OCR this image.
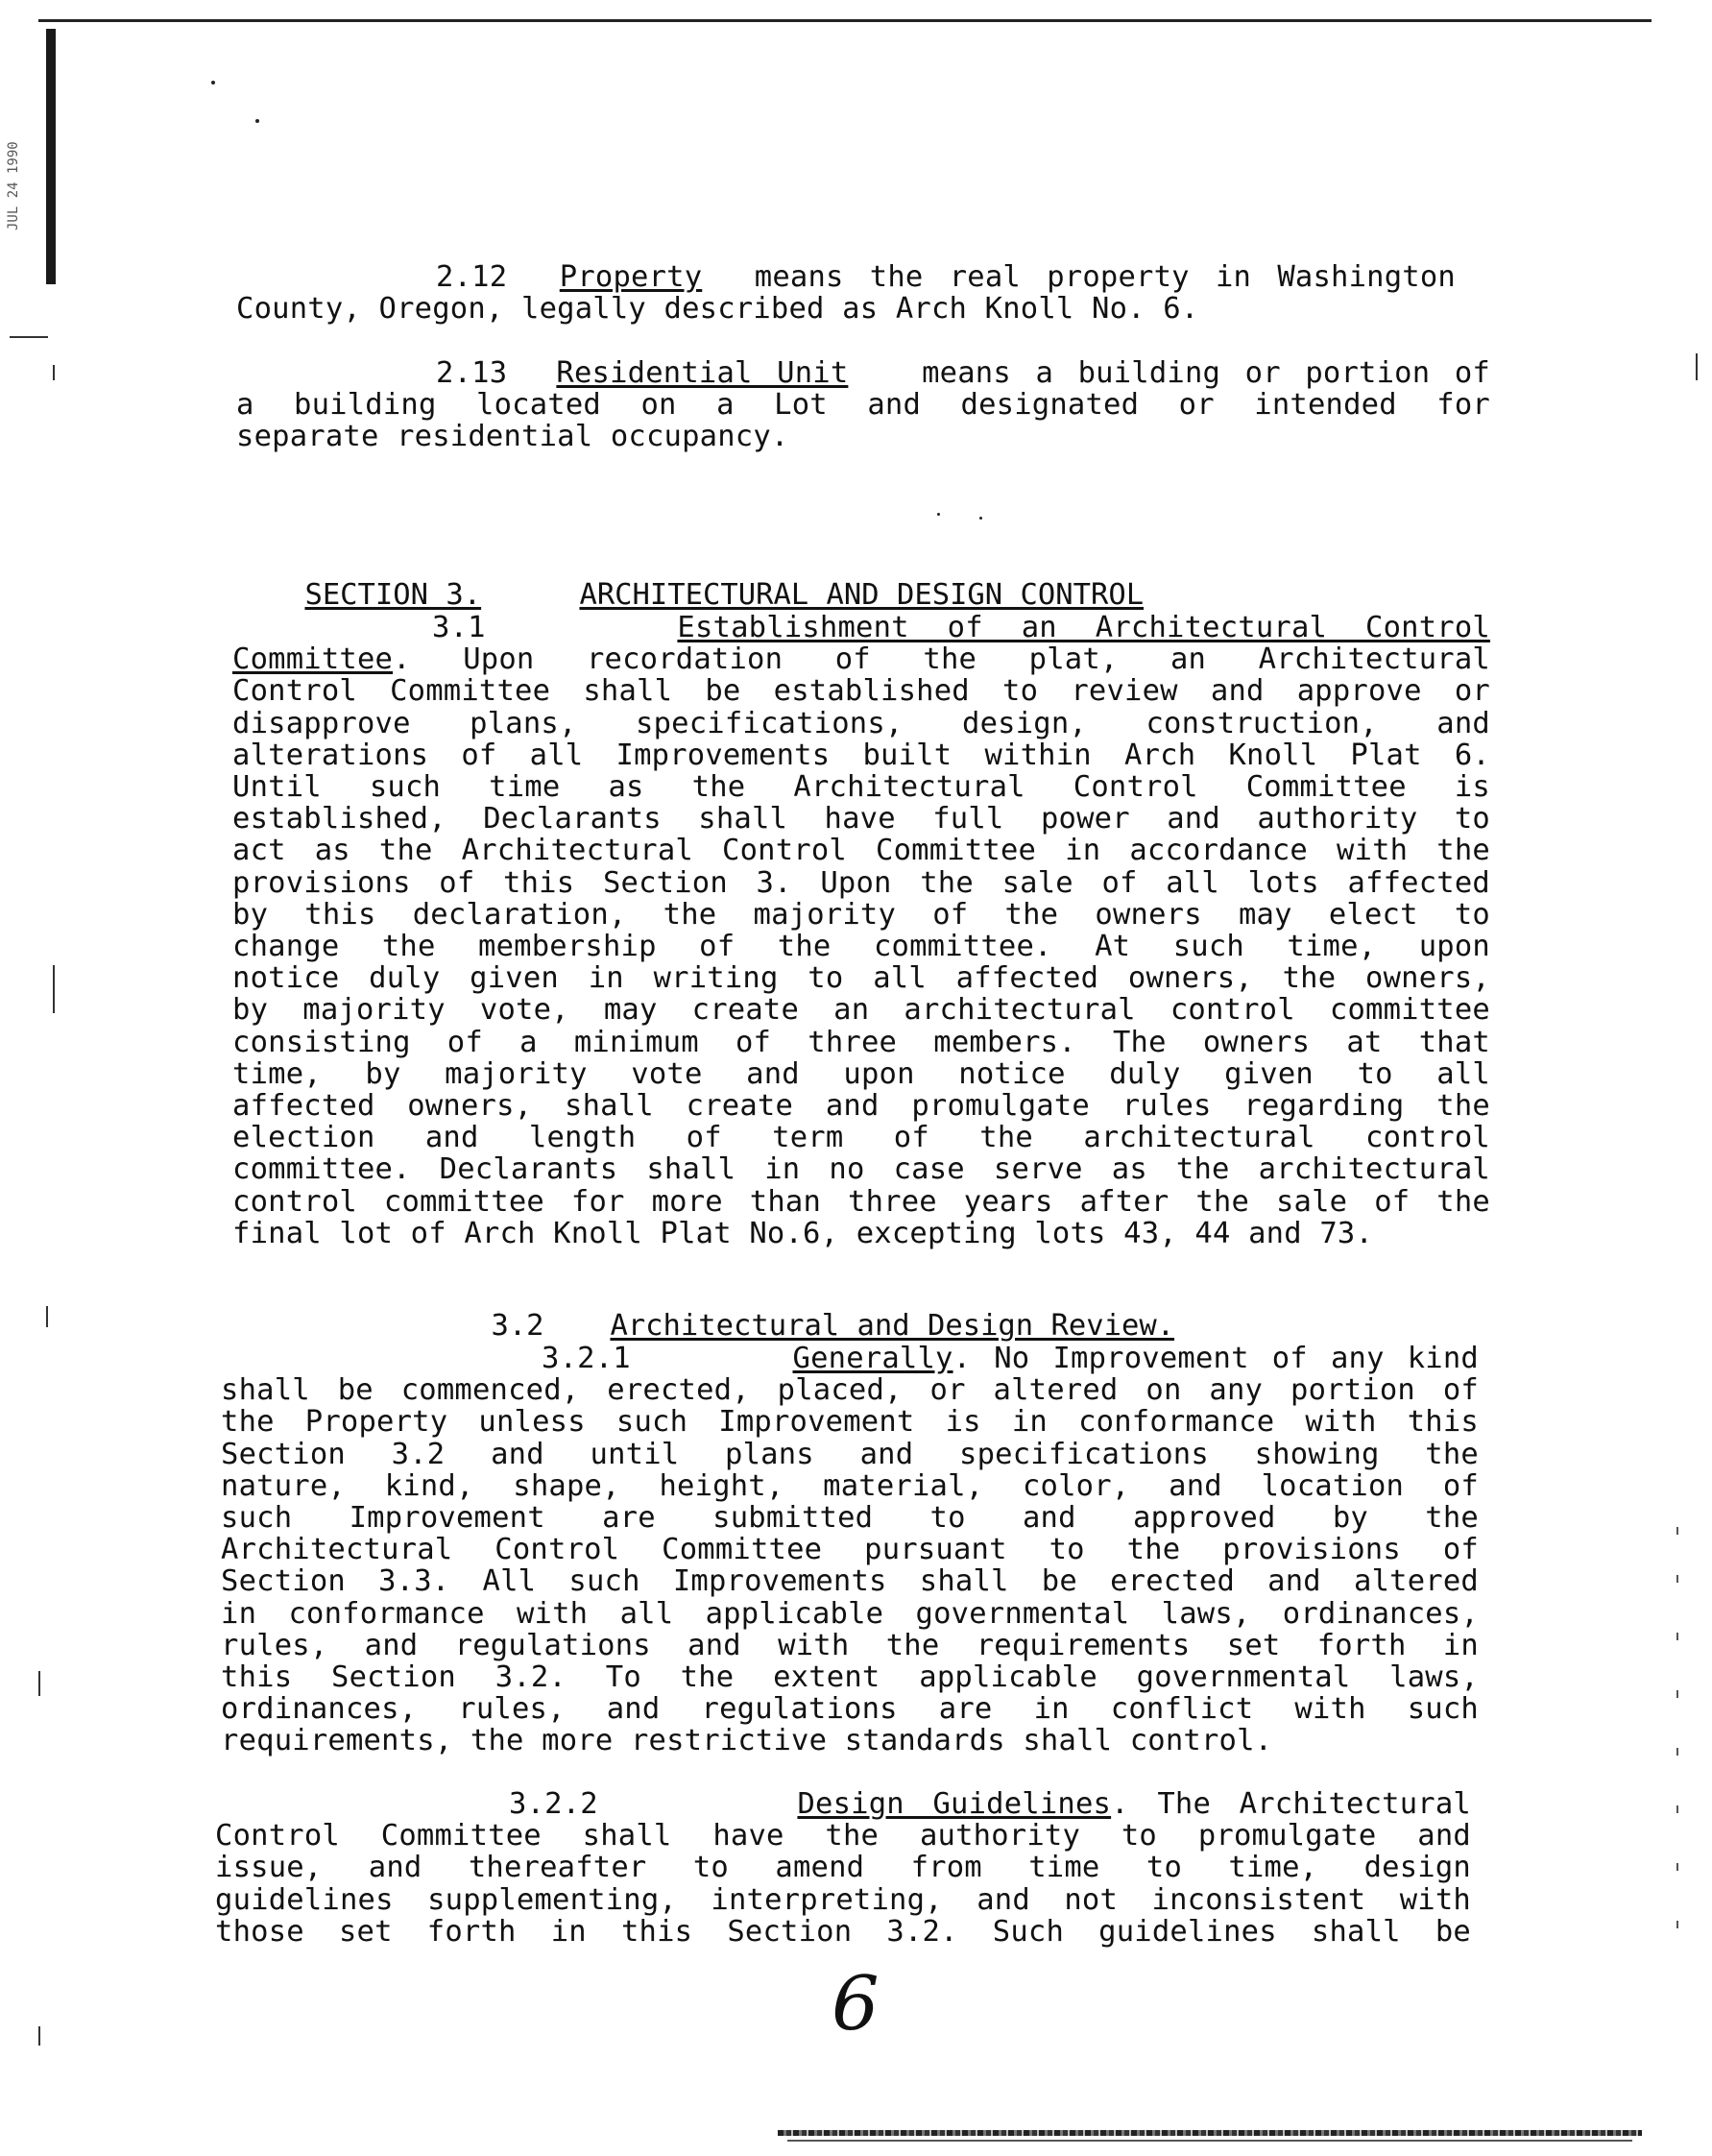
JUL 24 1990
2.12 Property means the real property in Washington
County, Oregon, legally described as Arch Knoll No. 6.
2.13 Residential Unit	means a building or portion of
a building located on a Lot and designated or intended for
separate residential occupancy.

SECTION 3.
	ARCHITECTURAL AND DESIGN CONTROL

3.1	Establishment of an Architectural Control
Committee. Upon recordation of the plat, an Architectural
Control Committee shall be established to review and approve or
disapprove plans, specifications, design, construction, and
alterations of all Improvements built within Arch Knoll Plat 6.
Until such time as the Architectural Control Committee is
established, Declarants shall have full power and authority to
act as the Architectural Control Committee in accordance with the
provisions of this Section 3. Upon the sale of all lots affected
by this declaration, the majority of the owners may elect to
change the membership of the committee. At such time, upon
notice duly given in writing to all affected owners, the owners,
by majority vote, may create an architectural control committee
consisting of a minimum of three members. The owners at that
time, by majority vote and upon notice duly given to all
affected owners, shall create and promulgate rules regarding the
election and length of term of the architectural control
committee. Declarants shall in no case serve as the architectural
control committee for more than three years after the sale of the
final lot of Arch Knoll Plat No.6, excepting lots 43, 44 and 73.

3.2
	Architectural and Design Review.

3.2.1	Generally. No Improvement of any kind
shall be commenced, erected, placed, or altered on any portion of
the Property unless such Improvement is in conformance with this
Section 3.2 and until plans and specifications showing the
nature, kind, shape, height, material, color, and location of
such Improvement are submitted to and approved by the
Architectural Control Committee pursuant to the provisions of
Section 3.3. All such Improvements shall be erected and altered
in conformance with all applicable governmental laws, ordinances,
rules, and regulations and with the requirements set forth in
this Section 3.2. To the extent applicable governmental laws,
ordinances, rules, and regulations are in conflict with such
requirements, the more restrictive standards shall control.
3.2.2	Design Guidelines. The Architectural
Control Committee shall have the authority to promulgate and
issue, and thereafter to amend from time to time, design
guidelines supplementing, interpreting, and not inconsistent with
those set forth in this Section 3.2. Such guidelines shall be
6
